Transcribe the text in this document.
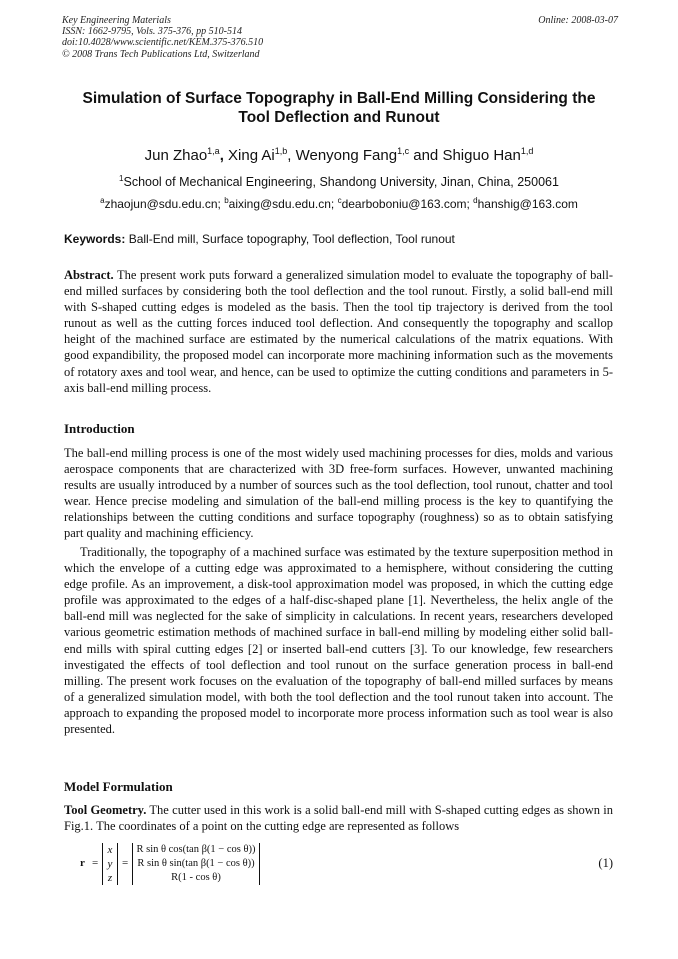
Key Engineering Materials
ISSN: 1662-9795, Vols. 375-376, pp 510-514
doi:10.4028/www.scientific.net/KEM.375-376.510
© 2008 Trans Tech Publications Ltd, Switzerland
Online: 2008-03-07
Simulation of Surface Topography in Ball-End Milling Considering the
Tool Deflection and Runout
Jun Zhao$^{1,a}$, Xing Ai$^{1,b}$, Wenyong Fang$^{1,c}$ and Shiguo Han$^{1,d}$
$^1$School of Mechanical Engineering, Shandong University, Jinan, China, 250061
$^a$zhaojun@sdu.edu.cn; $^b$aixing@sdu.edu.cn; $^c$dearboboniu@163.com; $^d$hanshig@163.com
Keywords: Ball-End mill, Surface topography, Tool deflection, Tool runout
Abstract. The present work puts forward a generalized simulation model to evaluate the topography of ball-end milled surfaces by considering both the tool deflection and the tool runout. Firstly, a solid ball-end mill with S-shaped cutting edges is modeled as the basis. Then the tool tip trajectory is derived from the tool runout as well as the cutting forces induced tool deflection. And consequently the topography and scallop height of the machined surface are estimated by the numerical calculations of the matrix equations. With good expandibility, the proposed model can incorporate more machining information such as the movements of rotatory axes and tool wear, and hence, can be used to optimize the cutting conditions and parameters in 5-axis ball-end milling process.
Introduction
The ball-end milling process is one of the most widely used machining processes for dies, molds and various aerospace components that are characterized with 3D free-form surfaces. However, unwanted machining results are usually introduced by a number of sources such as the tool deflection, tool runout, chatter and tool wear. Hence precise modeling and simulation of the ball-end milling process is the key to quantifying the relationships between the cutting conditions and surface topography (roughness) so as to obtain satisfying part quality and machining efficiency.
Traditionally, the topography of a machined surface was estimated by the texture superposition method in which the envelope of a cutting edge was approximated to a hemisphere, without considering the cutting edge profile. As an improvement, a disk-tool approximation model was proposed, in which the cutting edge profile was approximated to the edges of a half-disc-shaped plane [1]. Nevertheless, the helix angle of the ball-end mill was neglected for the sake of simplicity in calculations. In recent years, researchers developed various geometric estimation methods of machined surface in ball-end milling by modeling either solid ball-end mills with spiral cutting edges [2] or inserted ball-end cutters [3]. To our knowledge, few researchers investigated the effects of tool deflection and tool runout on the surface generation process in ball-end milling. The present work focuses on the evaluation of the topography of ball-end milled surfaces by means of a generalized simulation model, with both the tool deflection and the tool runout taken into account. The approach to expanding the proposed model to incorporate more process information such as tool wear is also presented.
Model Formulation
Tool Geometry. The cutter used in this work is a solid ball-end mill with S-shaped cutting edges as shown in Fig.1. The coordinates of a point on the cutting edge are represented as follows
r =
x
y
z
=
R sin θ cos(tan β(1 − cos θ))
R sin θ sin(tan β(1 − cos θ))
R(1 - cos θ)
(1)
